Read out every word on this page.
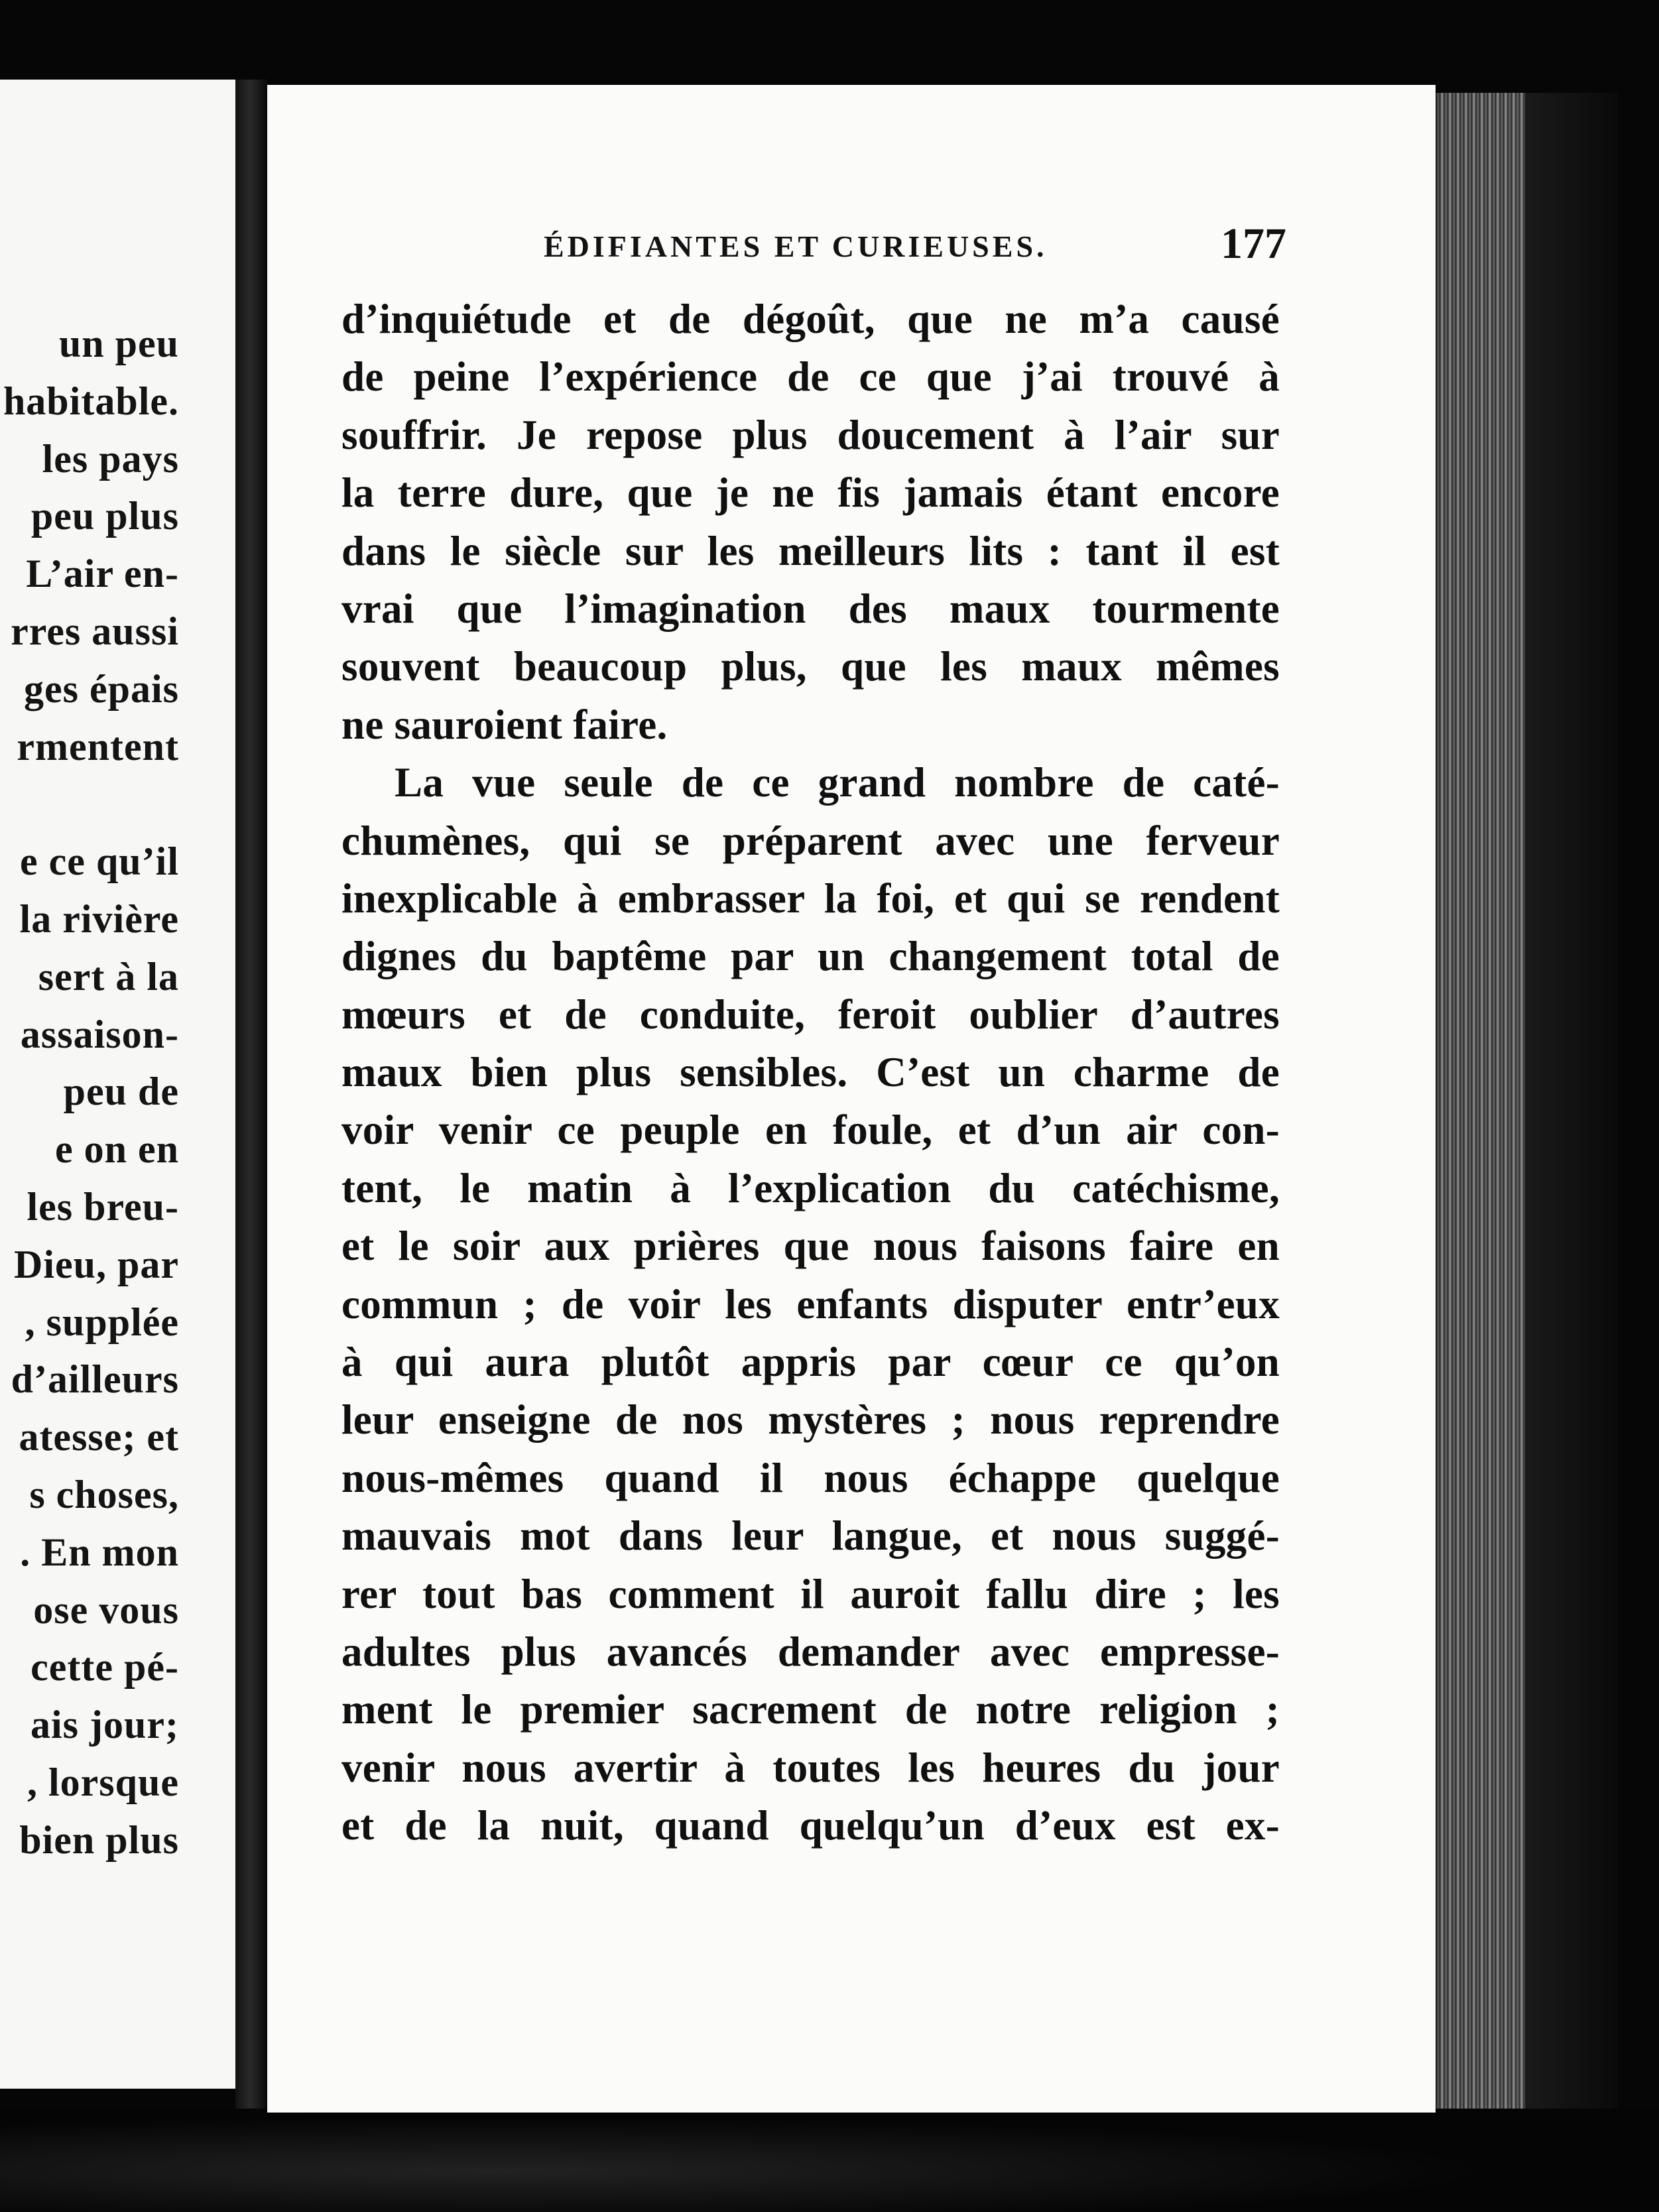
un peu
habitable.
les pays
peu plus
L’air en-
rres aussi
ges épais
rmentent
e ce qu’il
la rivière
sert à la
assaison-
peu de
e on en
les breu-
Dieu, par
, supplée
d’ailleurs
atesse; et
s choses,
. En mon
ose vous
cette pé-
ais jour;
, lorsque
bien plus
ÉDIFIANTES ET CURIEUSES.	177
d’inquiétude et de dégoût, que ne m’a causé
de peine l’expérience de ce que j’ai trouvé à
souffrir. Je repose plus doucement à l’air sur
la terre dure, que je ne fis jamais étant encore
dans le siècle sur les meilleurs lits : tant il est
vrai que l’imagination des maux tourmente
souvent beaucoup plus, que les maux mêmes
ne sauroient faire.
La vue seule de ce grand nombre de caté-
chumènes, qui se préparent avec une ferveur
inexplicable à embrasser la foi, et qui se rendent
dignes du baptême par un changement total de
mœurs et de conduite, feroit oublier d’autres
maux bien plus sensibles. C’est un charme de
voir venir ce peuple en foule, et d’un air con-
tent, le matin à l’explication du catéchisme,
et le soir aux prières que nous faisons faire en
commun ; de voir les enfants disputer entr’eux
à qui aura plutôt appris par cœur ce qu’on
leur enseigne de nos mystères ; nous reprendre
nous-mêmes quand il nous échappe quelque
mauvais mot dans leur langue, et nous suggé-
rer tout bas comment il auroit fallu dire ; les
adultes plus avancés demander avec empresse-
ment le premier sacrement de notre religion ;
venir nous avertir à toutes les heures du jour
et de la nuit, quand quelqu’un d’eux est ex-
